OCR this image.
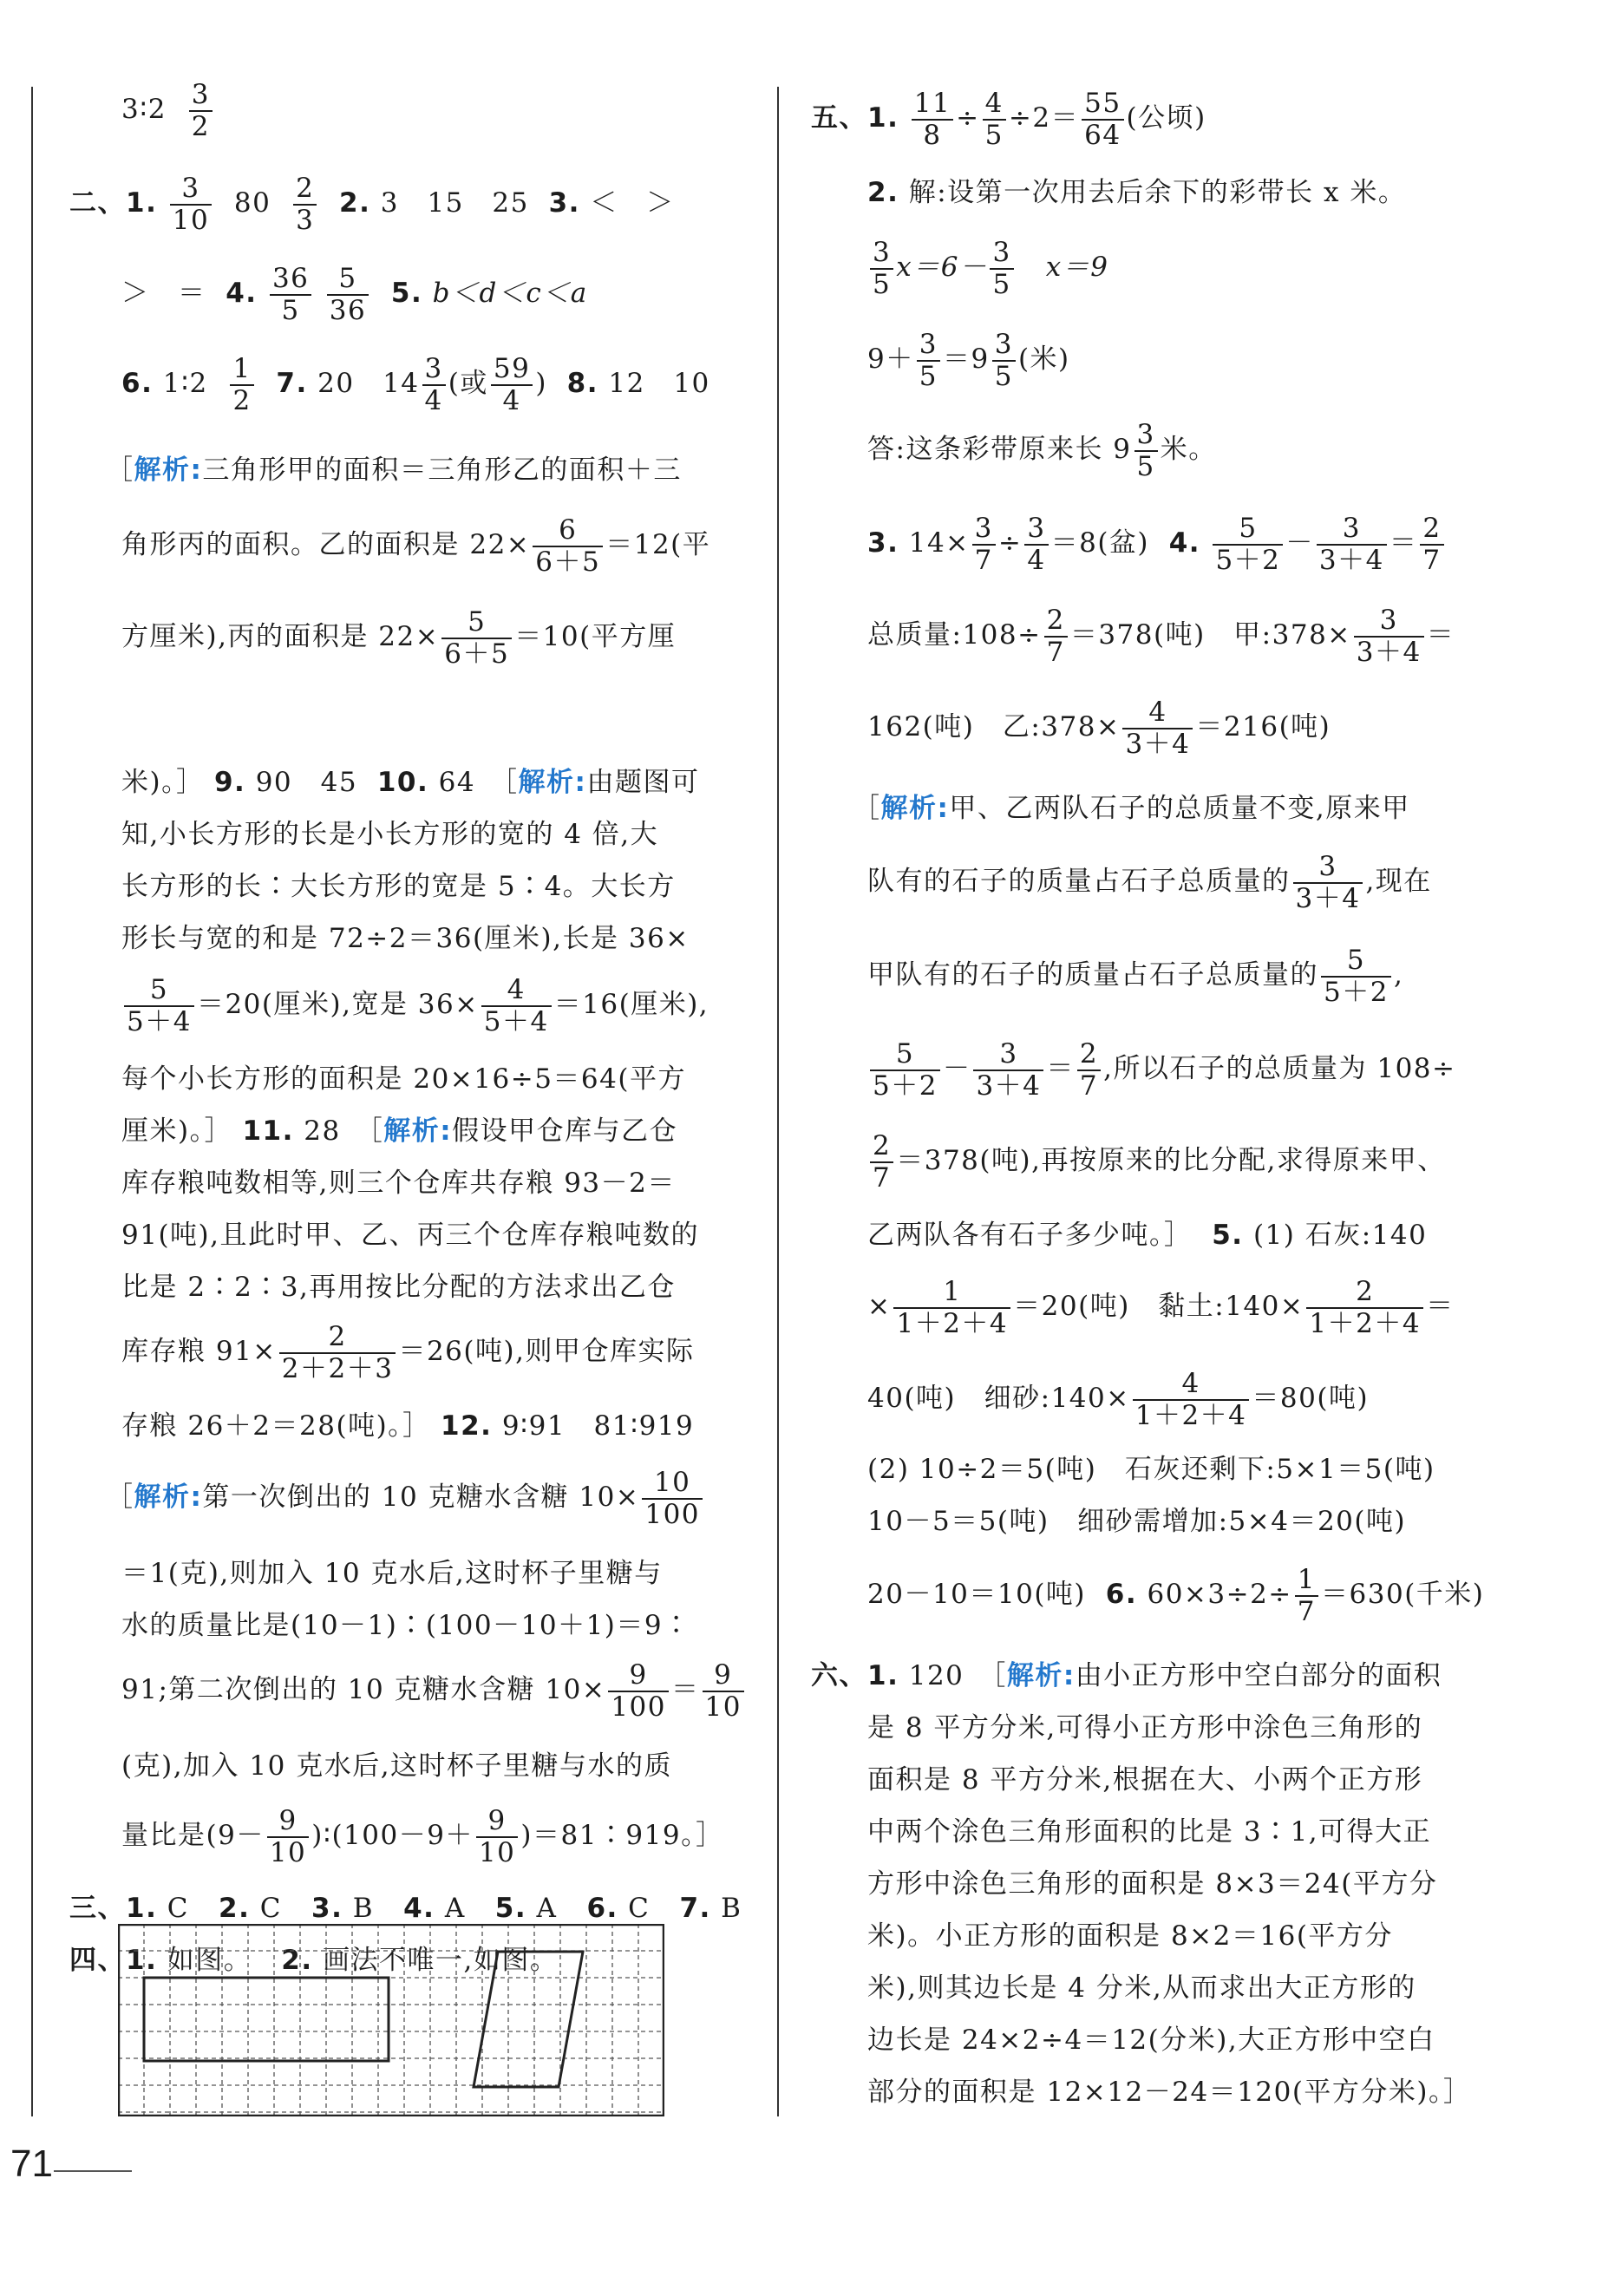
3∶2 $\frac{3}{2}$

二、1. $\frac{3}{10} 80 \frac{2}{3} 2$. 3　15　25 3. ＜　＞

＞　＝ 4. $\frac{36}{5}$
$\frac{5}{36} 5$. b＜d＜c＜a

6. 1∶2 $\frac{1}{2} 7$. 20　$14 \frac{3}{4}$ (或 $\frac{59}{4}$ ) 8. 12　10

［解析:三角形甲的面积＝三角形乙的面积＋三

角形丙的面积。乙的面积是 $22\times \frac{6}{6+5} =12$(平

方厘米),丙的面积是 $22\times \frac{5}{6+5} =10$(平方厘

米)。］ 9. 90　45 10. 64　［解析:由题图可

知,小长方形的长是小长方形的宽的 4 倍,大

长方形的长∶大长方形的宽是 5∶4。大长方

形长与宽的和是 72÷2＝36(厘米),长是 36×

$\frac{5}{5+4} =20$(厘米),宽是 $36\times \frac{4}{5+4} =16$(厘米),

每个小长方形的面积是 20×16÷5＝64(平方

厘米)。］ 11. 28　［解析:假设甲仓库与乙仓

库存粮吨数相等,则三个仓库共存粮 93－2＝

91(吨),且此时甲、乙、丙三个仓库存粮吨数的

比是 2∶2∶3,再用按比分配的方法求出乙仓

库存粮 $91\times \frac{2}{2+2+3} =26$(吨),则甲仓库实际

存粮 26＋2＝28(吨)。］ 12. 9∶91　81∶919

［解析:第一次倒出的 10 克糖水含糖 $10\times \frac{10}{100}$

＝1(克),则加入 10 克水后,这时杯子里糖与

水的质量比是(10－1)∶(100－10＋1)＝9∶

91;第二次倒出的 10 克糖水含糖 $10\times \frac{9}{100} = \frac{9}{10}$

(克),加入 10 克水后,这时杯子里糖与水的质

量比是($9- \frac{9}{10}$ )∶(100－9＋ $\frac{9}{10}$ )＝81∶919。］

三、1. C 2. C 3. B 4. A 5. A 6. C 7. B

四、1. 如图。 2. 画法不唯一,如图。

五、1. $\frac{11}{8} \div \frac{4}{5} \div 2= \frac{55}{64}$ (公顷)

2. 解:设第一次用去后余下的彩带长 x 米。

$\frac{3}{5} x=6- \frac{3}{5} x=9$

$9+ \frac{3}{5} =9 \frac{3}{5}$ (米)

答:这条彩带原来长 $9 \frac{3}{5}$ 米。

3. $14\times \frac{3}{7} \div \frac{3}{4} =8$(盆) 4. $\frac{5}{5+2} - \frac{3}{3+4} = \frac{2}{7}$

总质量:108÷ $\frac{2}{7} =378$(吨)　甲:378× $\frac{3}{3+4}$ ＝

162(吨)　乙:378× $\frac{4}{3+4} =216$(吨)

［解析:甲、乙两队石子的总质量不变,原来甲

队有的石子的质量占石子总质量的 $\frac{3}{3+4}$ ,现在

甲队有的石子的质量占石子总质量的 $\frac{5}{5+2}$ ,

$\frac{5}{5+2} - \frac{3}{3+4} = \frac{2}{7}$ ,所以石子的总质量为 108÷

$\frac{2}{7} =378$(吨),再按原来的比分配,求得原来甲、

乙两队各有石子多少吨。］ 5. (1) 石灰:140

× $\frac{1}{1+2+4} =20$(吨)　黏土:140× $\frac{2}{1+2+4}$ ＝

40(吨)　细砂:140× $\frac{4}{1+2+4} =80$(吨)

(2) 10÷2＝5(吨)　石灰还剩下:5×1＝5(吨)

10－5＝5(吨)　细砂需增加:5×4＝20(吨)

20－10＝10(吨) 6. $60\times 3\div 2\div \frac{1}{7} =630$(千米)

六、1. 120　［解析:由小正方形中空白部分的面积

是 8 平方分米,可得小正方形中涂色三角形的

面积是 8 平方分米,根据在大、小两个正方形

中两个涂色三角形面积的比是 3∶1,可得大正

方形中涂色三角形的面积是 8×3＝24(平方分

米)。小正方形的面积是 8×2＝16(平方分

米),则其边长是 4 分米,从而求出大正方形的

边长是 24×2÷4＝12(分米),大正方形中空白

部分的面积是 12×12－24＝120(平方分米)。］

71
